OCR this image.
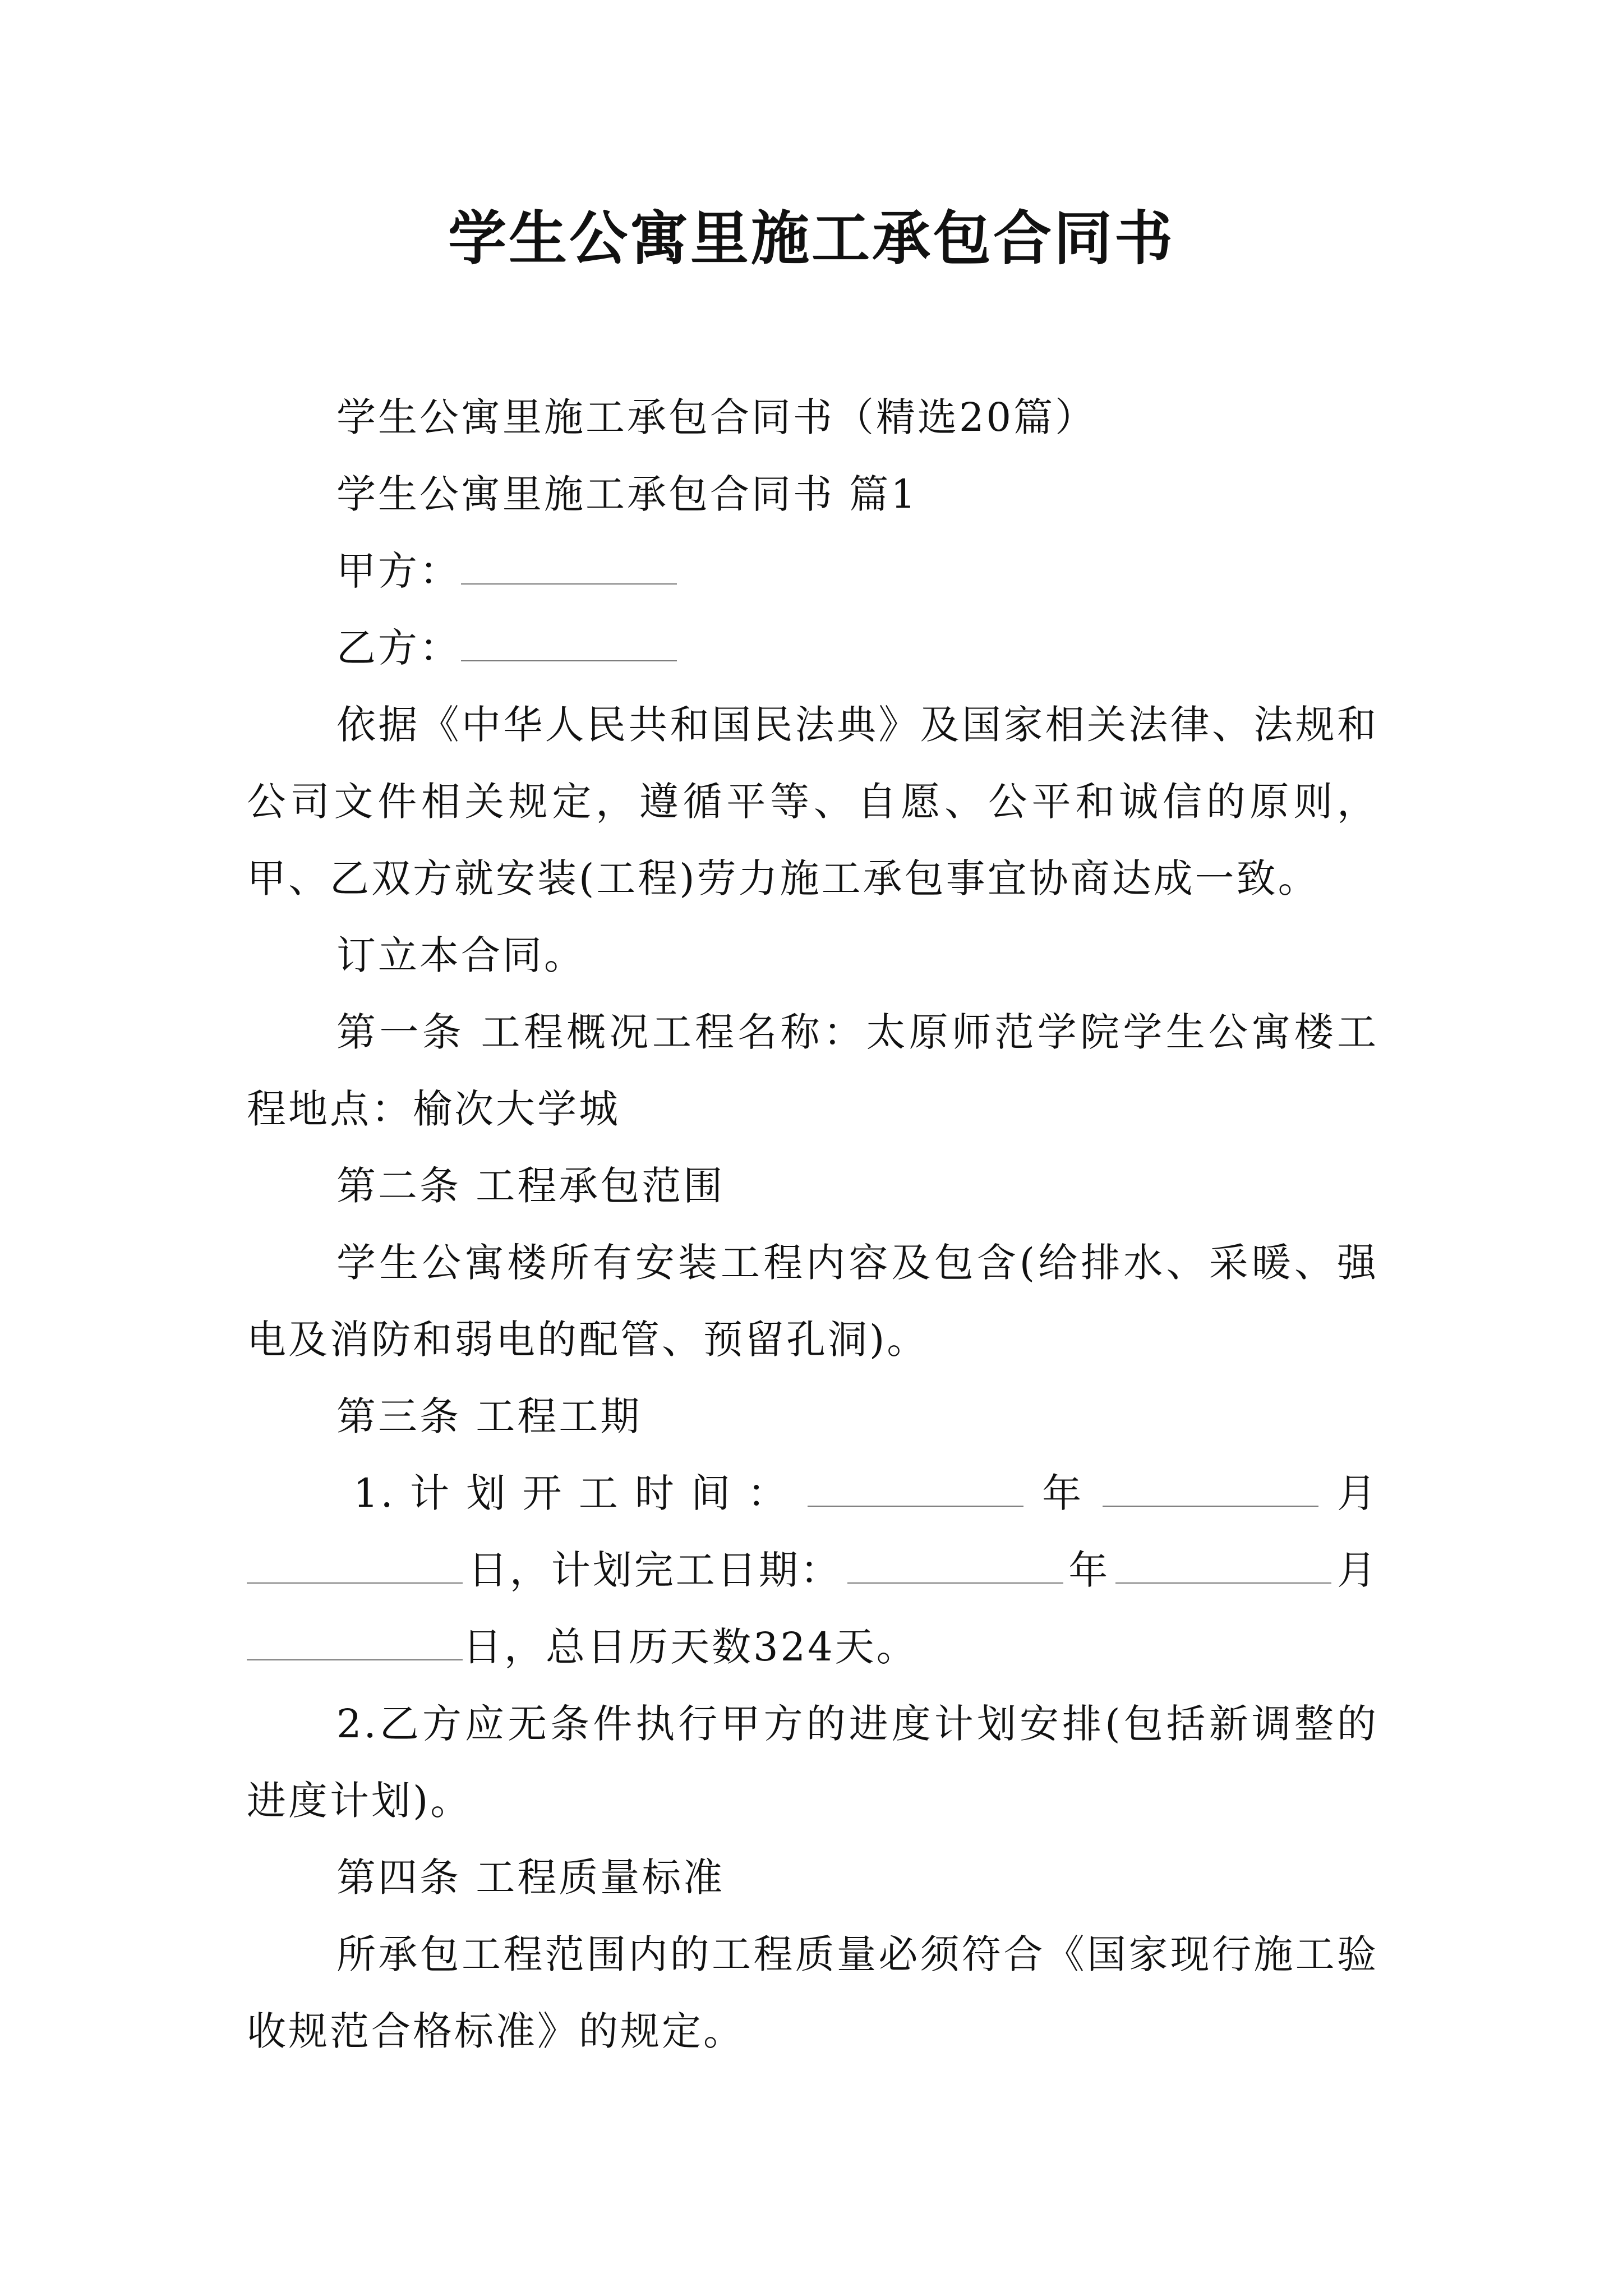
学生公寓里施工承包合同书

学生公寓里施工承包合同书（精选20篇）

学生公寓里施工承包合同书 篇1

甲方：

乙方：

依据《中华人民共和国民法典》及国家相关法律、法规和公司文件相关规定，遵循平等、自愿、公平和诚信的原则，甲、乙双方就安装(工程)劳力施工承包事宜协商达成一致。

订立本合同。

第一条 工程概况工程名称：太原师范学院学生公寓楼工程地点：榆次大学城

第二条 工程承包范围

学生公寓楼所有安装工程内容及包含(给排水、采暖、强电及消防和弱电的配管、预留孔洞)。

第三条 工程工期

1. 计 划 开 工 时 间 ：	年	月
日，计划完工日期：	年	月
日，总日历天数324天。

2.乙方应无条件执行甲方的进度计划安排(包括新调整的进度计划)。

第四条 工程质量标准

所承包工程范围内的工程质量必须符合《国家现行施工验收规范合格标准》的规定。
